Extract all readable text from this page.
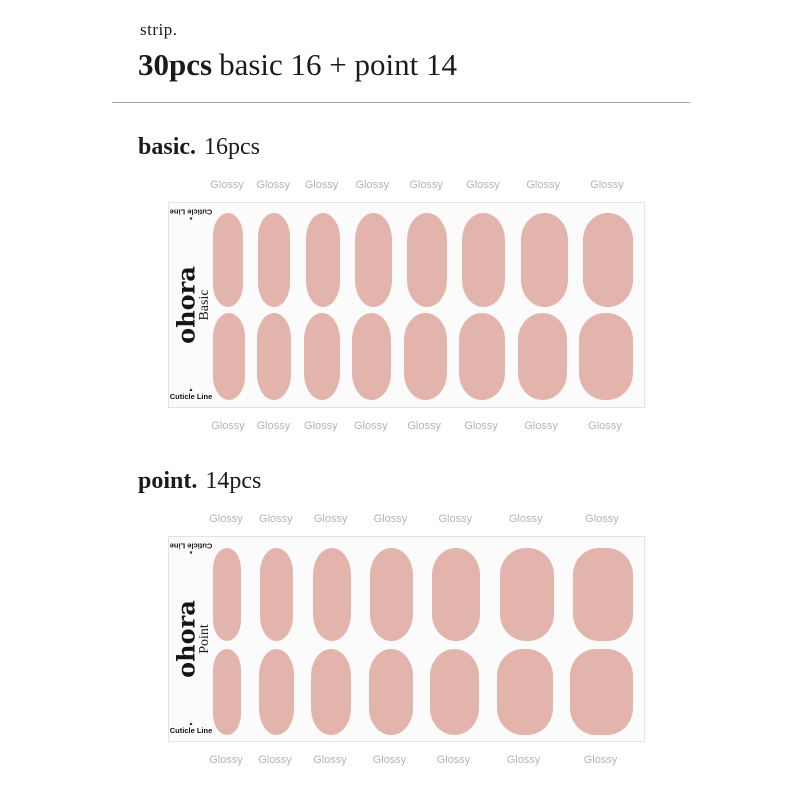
strip.
30pcs basic 16 + point 14
basic. 16pcs
Glossy Glossy Glossy Glossy Glossy Glossy Glossy	Glossy
▲
Cuticle Line
ohora
Basic
▲
Cuticle Line
Glossy Glossy Glossy Glossy Glossy Glossy Glossy	Glossy
point. 14pcs
Glossy Glossy Glossy Glossy	Glossy	Glossy	Glossy
▲
Cuticle Line
ohora
Point
▲
Cuticle Line
Glossy Glossy Glossy Glossy	Glossy	Glossy	Glossy
